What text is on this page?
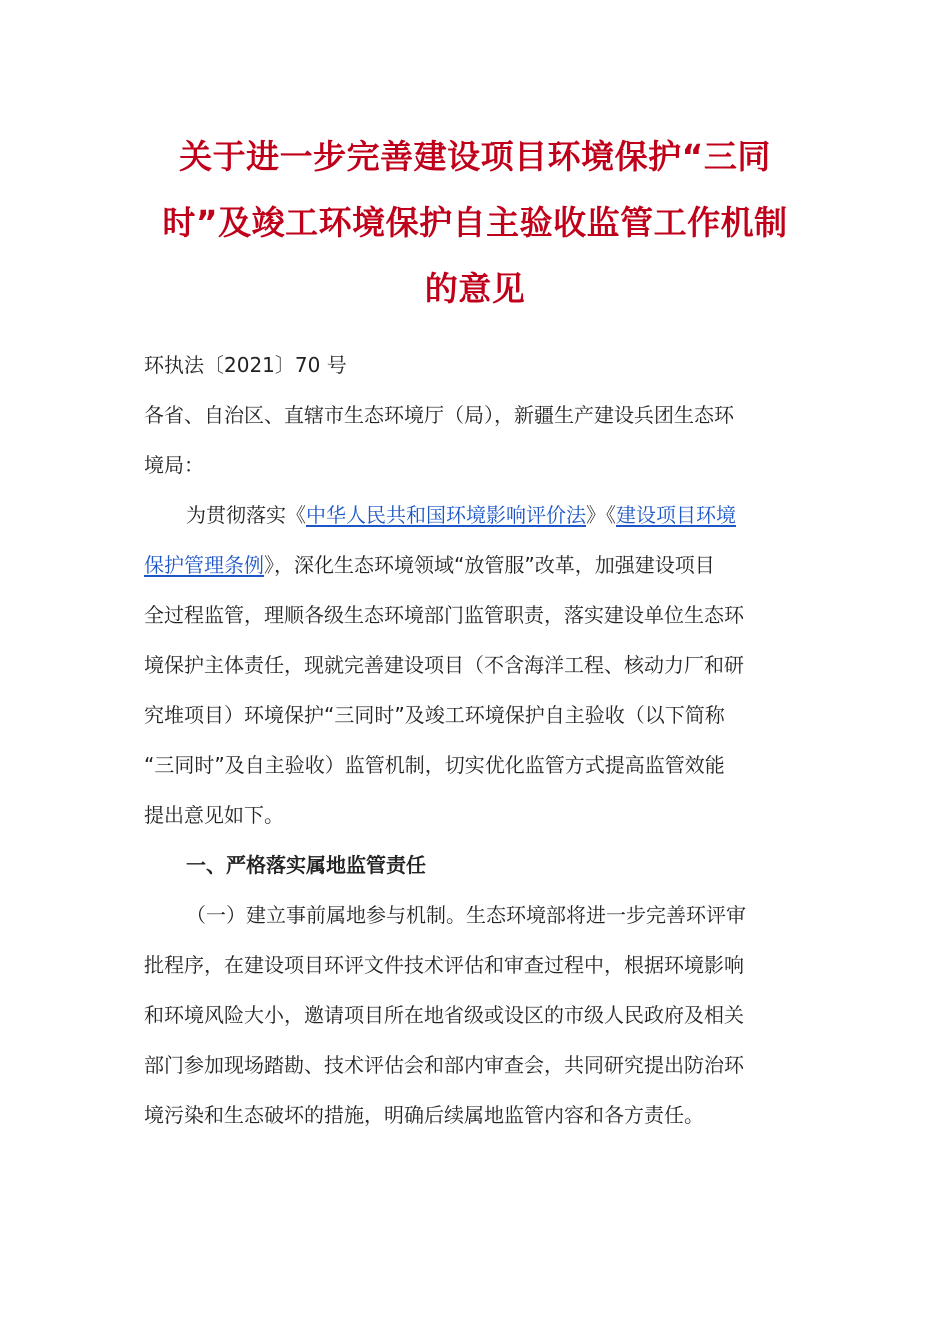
关于进一步完善建设项目环境保护“三同
时”及竣工环境保护自主验收监管工作机制
的意见
环执法〔2021〕70 号
各省、自治区、直辖市生态环境厅（局），新疆生产建设兵团生态环
境局：
为贯彻落实《中华人民共和国环境影响评价法》《建设项目环境
保护管理条例》，深化生态环境领域“放管服”改革，加强建设项目
全过程监管，理顺各级生态环境部门监管职责，落实建设单位生态环
境保护主体责任，现就完善建设项目（不含海洋工程、核动力厂和研
究堆项目）环境保护“三同时”及竣工环境保护自主验收（以下简称
“三同时”及自主验收）监管机制，切实优化监管方式提高监管效能
提出意见如下。
一、严格落实属地监管责任
（一）建立事前属地参与机制。生态环境部将进一步完善环评审
批程序，在建设项目环评文件技术评估和审查过程中，根据环境影响
和环境风险大小，邀请项目所在地省级或设区的市级人民政府及相关
部门参加现场踏勘、技术评估会和部内审查会，共同研究提出防治环
境污染和生态破坏的措施，明确后续属地监管内容和各方责任。
